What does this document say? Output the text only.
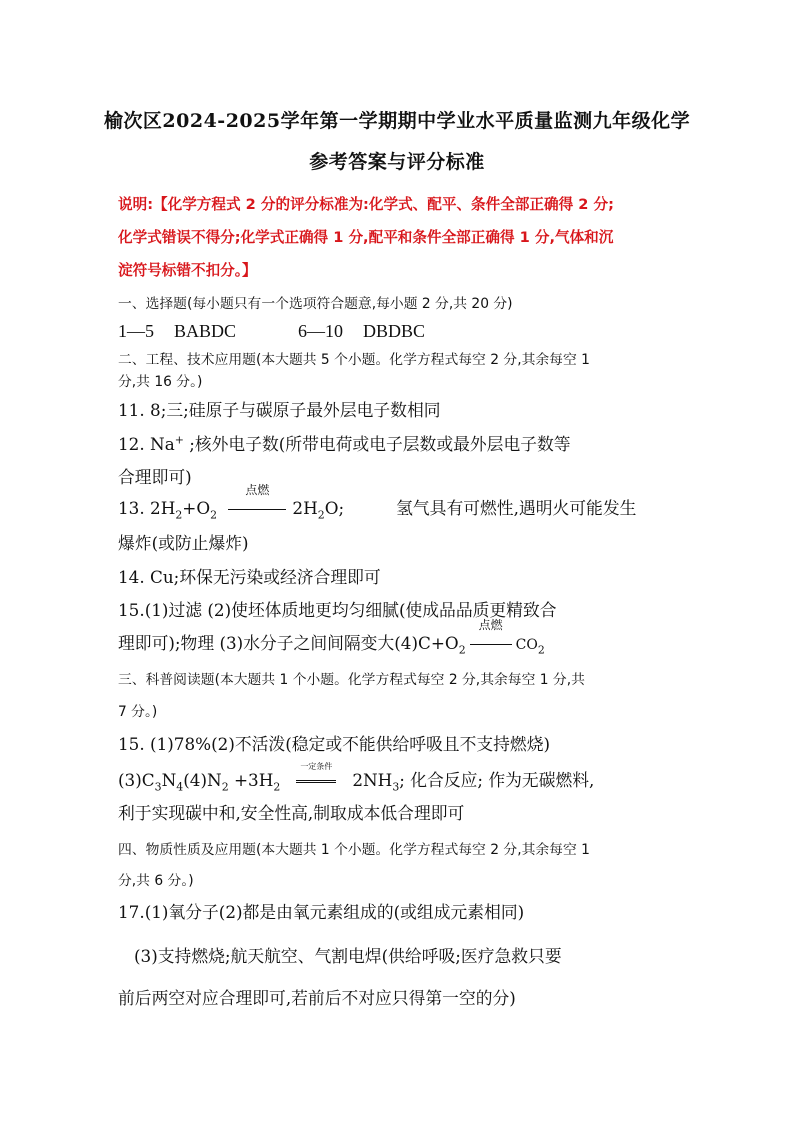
榆次区2024-2025学年第一学期期中学业水平质量监测九年级化学
参考答案与评分标准
说明:【化学方程式 2 分的评分标准为:化学式、配平、条件全部正确得 2 分;
化学式错误不得分;化学式正确得 1 分,配平和条件全部正确得 1 分,气体和沉
淀符号标错不扣分。】
一、选择题(每小题只有一个选项符合题意,每小题 2 分,共 20 分)
1—5 BABDC	6—10 DBDBC
二、工程、技术应用题(本大题共 5 个小题。化学方程式每空 2 分,其余每空 1
分,共 16 分。)
11. 8;三;硅原子与碳原子最外层电子数相同
12. Na+ ;核外电子数(所带电荷或电子层数或最外层电子数等
合理即可)
13. $2H_2+O_2$
点燃
$2H_2O$;	氢气具有可燃性,遇明火可能发生
爆炸(或防止爆炸)
14. Cu;环保无污染或经济合理即可
15.(1)过滤 (2)使坯体质地更均匀细腻(使成品品质更精致合
理即可);物理 (3)水分子之间间隔变大$(4)C+O_2$
点燃
$CO_2$
三、科普阅读题(本大题共 1 个小题。化学方程式每空 2 分,其余每空 1 分,共
7 分。)
15. (1)78%(2)不活泼(稳定或不能供给呼吸且不支持燃烧)
$(3)C_3N_4(4)N_2 +3H_2$
一定条件
$2NH_3$; 化合反应; 作为无碳燃料,
利于实现碳中和,安全性高,制取成本低合理即可
四、物质性质及应用题(本大题共 1 个小题。化学方程式每空 2 分,其余每空 1
分,共 6 分。)
17.(1)氧分子(2)都是由氧元素组成的(或组成元素相同)
(3)支持燃烧;航天航空、气割电焊(供给呼吸;医疗急救只要
前后两空对应合理即可,若前后不对应只得第一空的分)
